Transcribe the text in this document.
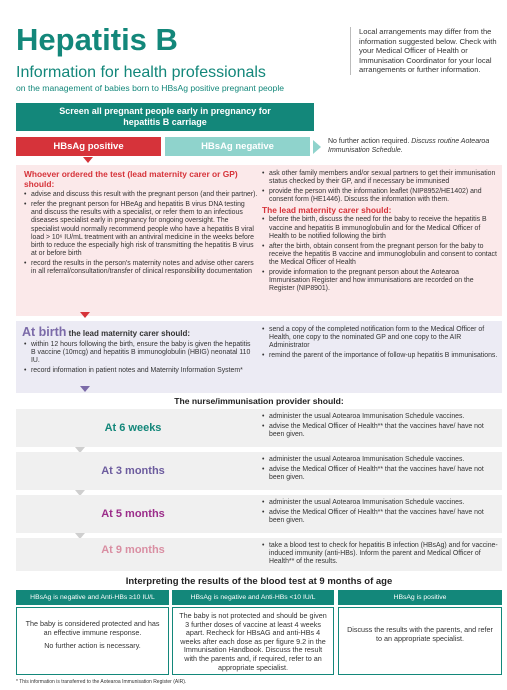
Hepatitis B
Information for health professionals
on the management of babies born to HBsAg positive pregnant people
Local arrangements may differ from the information suggested below. Check with your Medical Officer of Health or Immunisation Coordinator for your local arrangements or further information.
Screen all pregnant people early in pregnancy for
hepatitis B carriage
HBsAg positive	HBsAg negative	No further action required. Discuss routine Aotearoa Immunisation Schedule.
Whoever ordered the test (lead maternity carer or GP) should:
• advise and discuss this result with the pregnant person (and their partner).
• refer the pregnant person for HBeAg and hepatitis B virus DNA testing and discuss the results with a specialist, or refer them to an infectious diseases specialist early in pregnancy for ongoing oversight. The specialist would normally recommend people who have a hepatitis B viral load > 10⁶ IU/mL treatment with an antiviral medicine in the weeks before birth to reduce the especially high risk of transmitting the hepatitis B virus at or before birth
• record the results in the person's maternity notes and advise other carers in all referral/consultation/transfer of clinical responsibility documentation
• ask other family members and/or sexual partners to get their immunisation status checked by their GP, and if necessary be immunised
• provide the person with the information leaflet (NIP8952/HE1402) and consent form (HE1446). Discuss the information with them.
The lead maternity carer should:
• before the birth, discuss the need for the baby to receive the hepatitis B vaccine and hepatitis B immunoglobulin and for the Medical Officer of Health to be notified following the birth
• after the birth, obtain consent from the pregnant person for the baby to receive the hepatitis B vaccine and immunoglobulin and consent to contact the Medical Officer of Health
• provide information to the pregnant person about the Aotearoa Immunisation Register and how immunisations are recorded on the Register (NIP8901).
At birth the lead maternity carer should:
• within 12 hours following the birth, ensure the baby is given the hepatitis B vaccine (10mcg) and hepatitis B immunoglobulin (HBIG) neonatal 110 IU.
• record information in patient notes and Maternity Information System*
• send a copy of the completed notification form to the Medical Officer of Health, one copy to the nominated GP and one copy to the AIR Administrator
• remind the parent of the importance of follow-up hepatitis B immunisations.
The nurse/immunisation provider should:
At 6 weeks
• administer the usual Aotearoa Immunisation Schedule vaccines.
• advise the Medical Officer of Health** that the vaccines have/ have not been given.
At 3 months
• administer the usual Aotearoa Immunisation Schedule vaccines.
• advise the Medical Officer of Health** that the vaccines have/ have not been given.
At 5 months
• administer the usual Aotearoa Immunisation Schedule vaccines.
• advise the Medical Officer of Health** that the vaccines have/ have not been given.
At 9 months
•	take a blood test to check for hepatitis B infection (HBsAg) and for vaccine-induced immunity (anti-HBs). Inform the parent and Medical Officer of Health** of the results.
Interpreting the results of the blood test at 9 months of age
HBsAg is negative and Anti-HBs ≥10 IU/L	HBsAg is negative and Anti-HBs <10 IU/L	HBsAg is positive

The baby is considered protected and has an effective immune response.

No further action is necessary.

The baby is not protected and should be given 3 further doses of vaccine at least 4 weeks apart. Recheck for HBsAG and anti-HBs 4 weeks after each dose as per figure 9.2 in the Immunisation Handbook. Discuss the result with the parents and, if required, refer to an appropriate specialist.

Discuss the results with the parents, and refer to an appropriate specialist.

* This information is transferred to the Aotearoa Immunisation Register (AIR).
